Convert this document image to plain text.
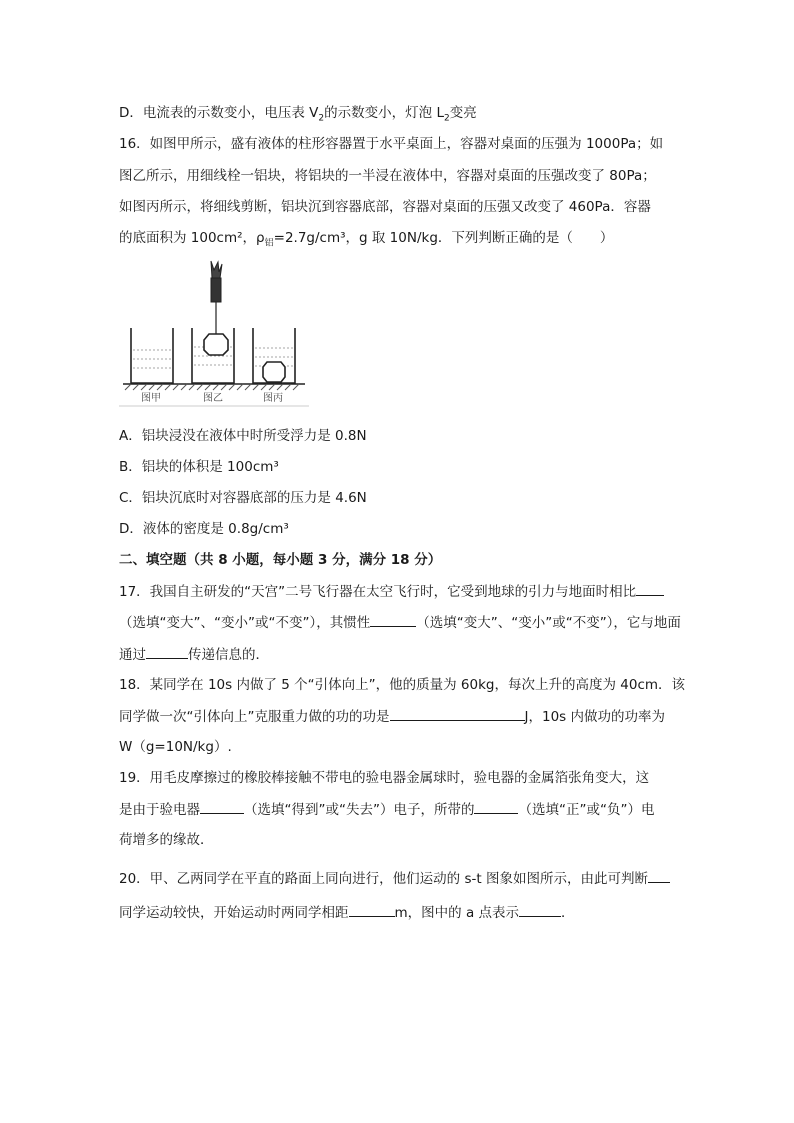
D．电流表的示数变小，电压表 $V_2$的示数变小，灯泡 $L_2$变亮
16．如图甲所示，盛有液体的柱形容器置于水平桌面上，容器对桌面的压强为 1000Pa；如
图乙所示，用细线栓一铝块，将铝块的一半浸在液体中，容器对桌面的压强改变了 80Pa；
如图丙所示，将细线剪断，铝块沉到容器底部，容器对桌面的压强又改变了 460Pa．容器
的底面积为 100cm²，$\rho_铝=2.7g$/cm³，g 取 10N/kg．下列判断正确的是（　　）
图甲	图乙	图丙
A．铝块浸没在液体中时所受浮力是 0.8N
B．铝块的体积是 100cm³
C．铝块沉底时对容器底部的压力是 4.6N
D．液体的密度是 0.8g/cm³
二、填空题（共 8 小题，每小题 3 分，满分 18 分）
17．我国自主研发的“天宫”二号飞行器在太空飞行时，它受到地球的引力与地面时相比
（选填“变大”、“变小”或“不变”），其惯性	（选填“变大”、“变小”或“不变”），它与地面
通过	传递信息的．
18．某同学在 10s 内做了 5 个“引体向上”，他的质量为 60kg，每次上升的高度为 40cm．该
同学做一次“引体向上”克服重力做的功的功是	J，10s 内做功的功率为
W（g=10N/kg）.
19．用毛皮摩擦过的橡胶棒接触不带电的验电器金属球时，验电器的金属箔张角变大，这
是由于验电器	（选填“得到”或“失去”）电子，所带的	（选填“正”或“负”）电
荷增多的缘故．
20．甲、乙两同学在平直的路面上同向进行，他们运动的 s-t 图象如图所示，由此可判断
同学运动较快，开始运动时两同学相距	m，图中的 a 点表示	．
